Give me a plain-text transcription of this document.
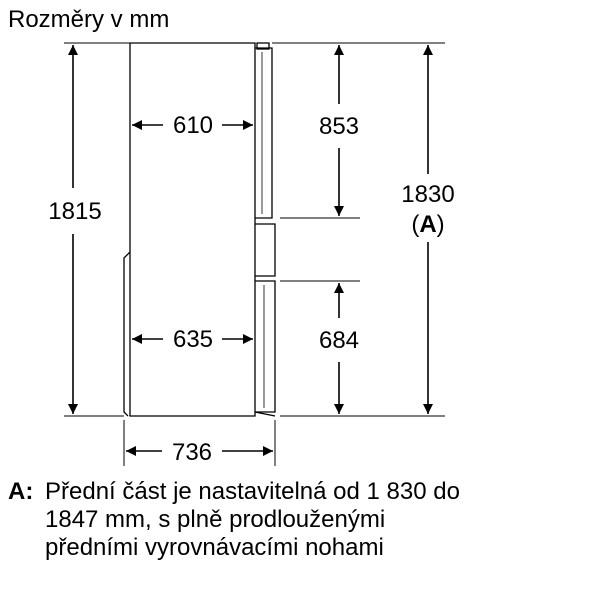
Rozměry v mm
1815
610
635
853
684
1830
(A)
736
A: Přední část je nastavitelná od 1 830 do
1847 mm, s plně prodlouženými
předními vyrovnávacími nohami
